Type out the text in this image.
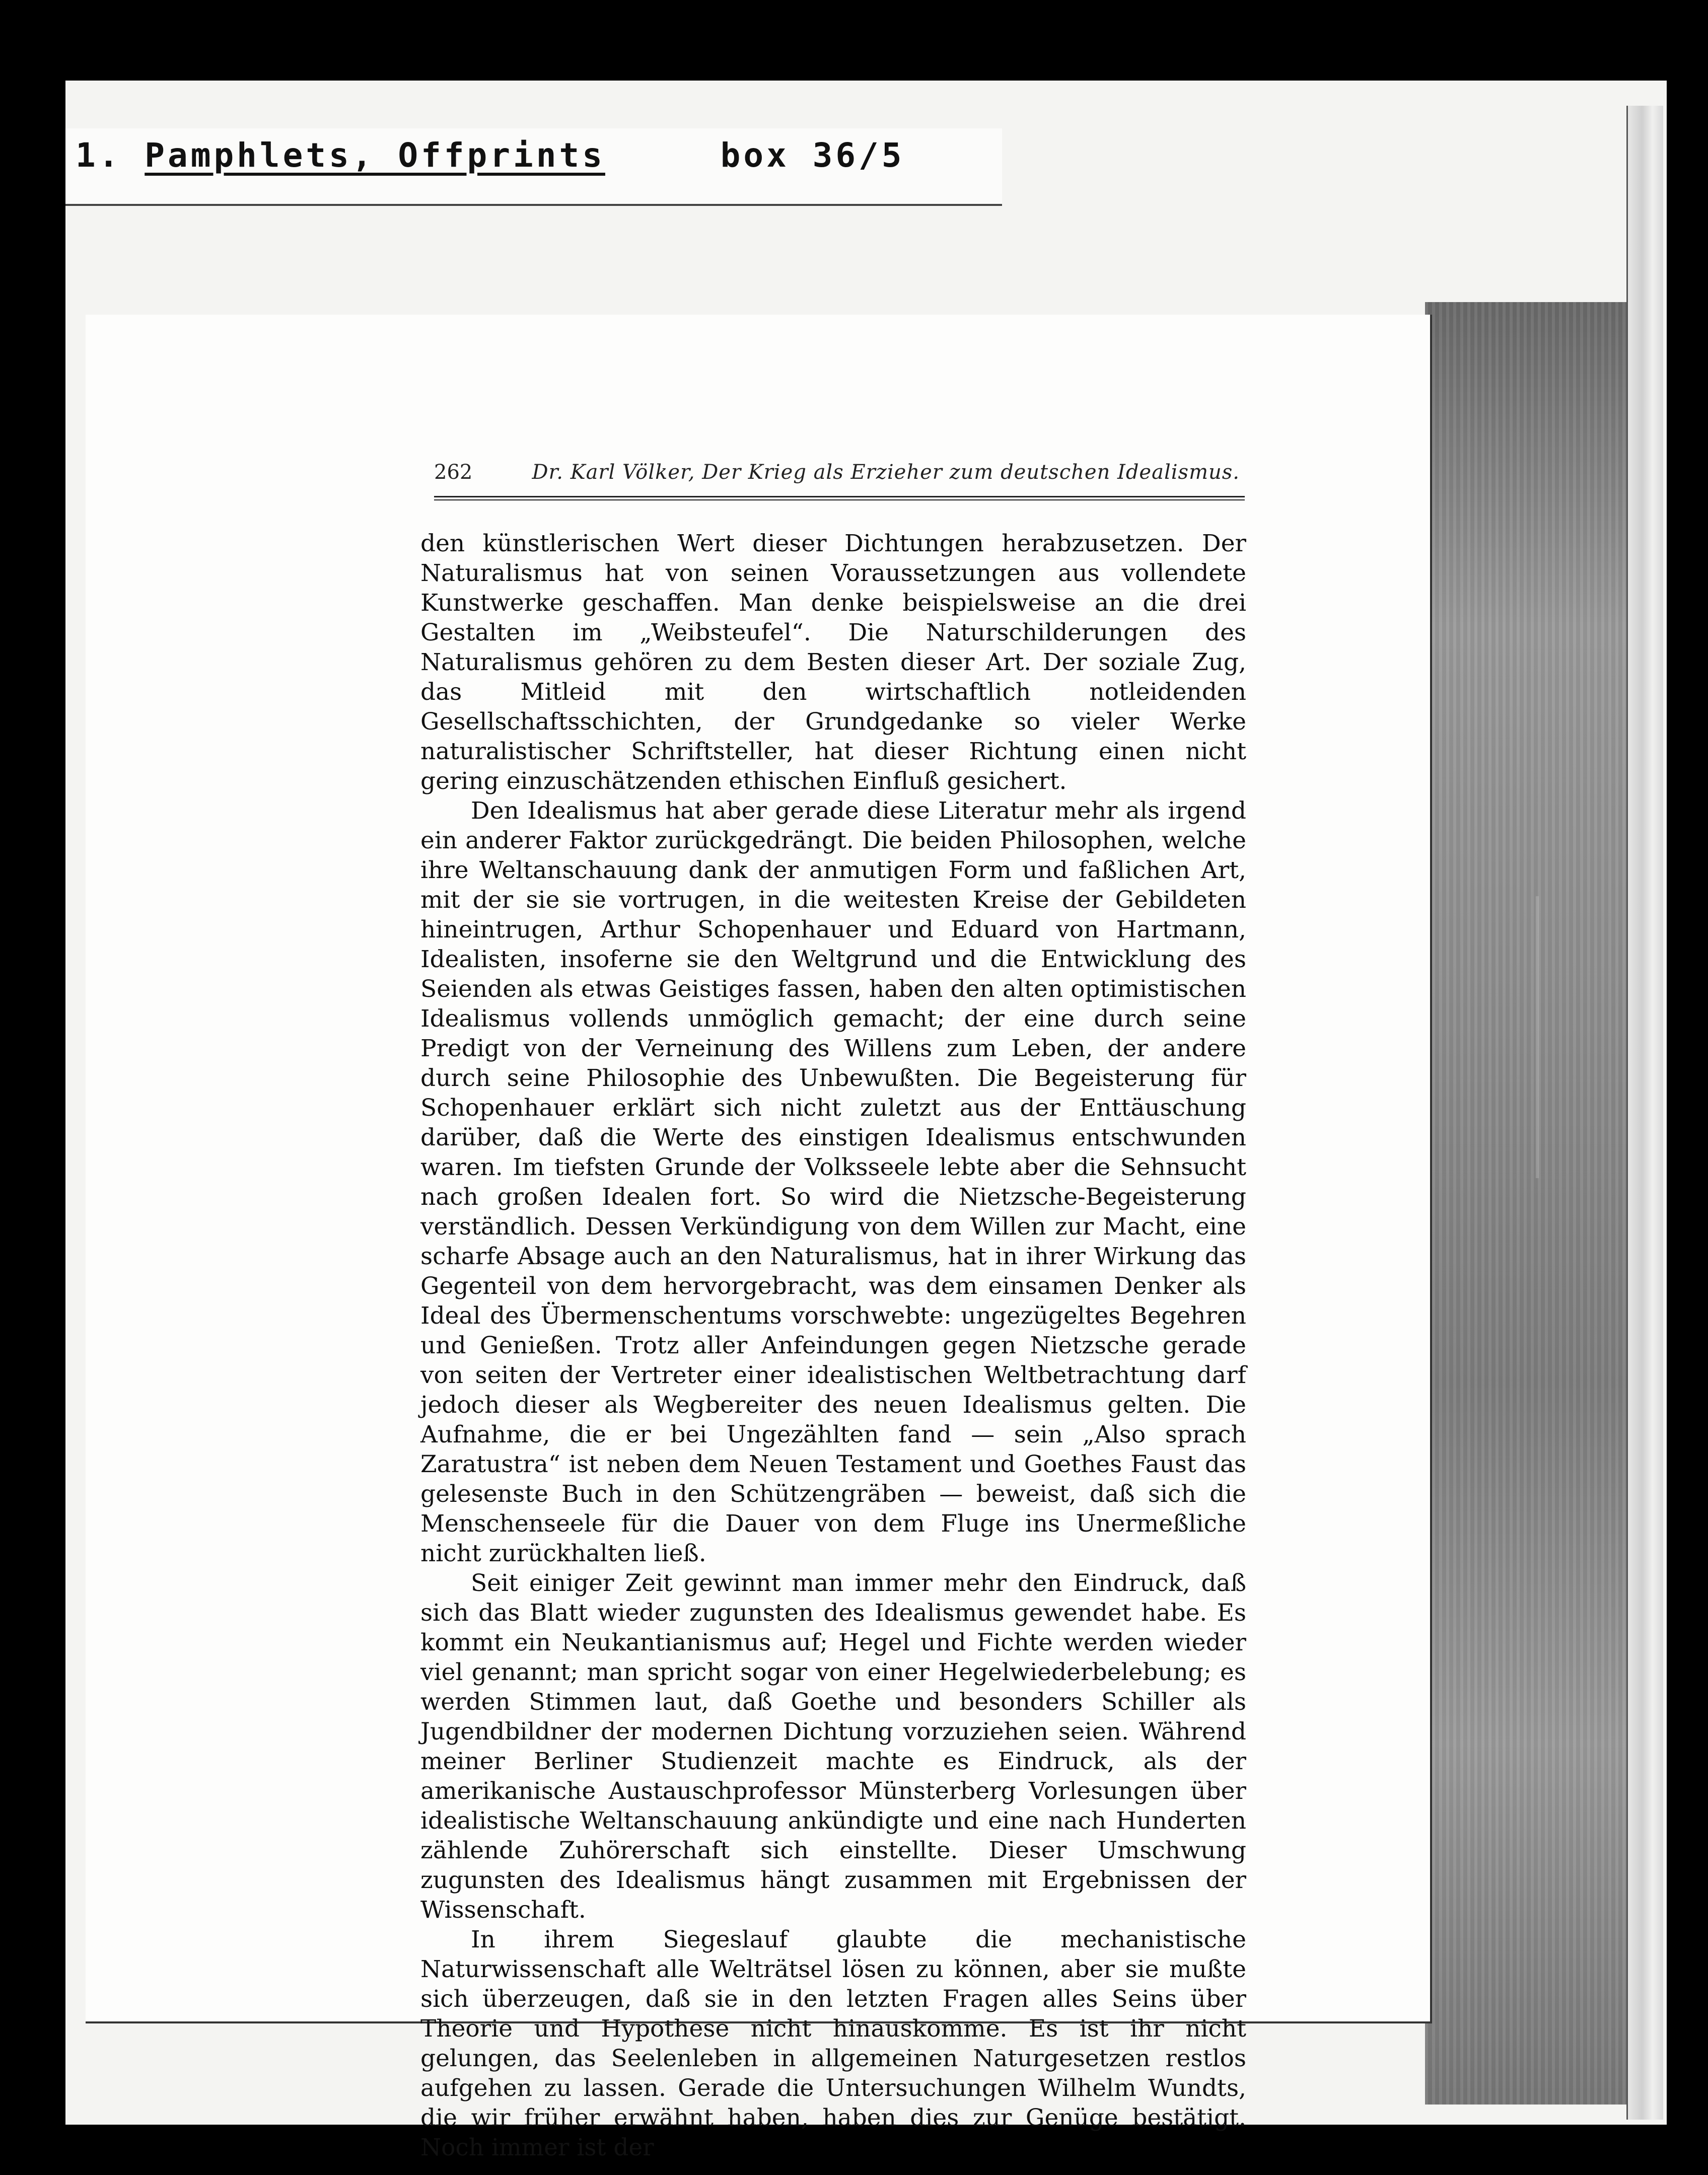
1. Pamphlets, Offprints	box 36/5
262	Dr. Karl Völker, Der Krieg als Erzieher zum deutschen Idealismus.

den künstlerischen Wert dieser Dichtungen herabzusetzen. Der Naturalismus hat von seinen Voraussetzungen aus vollendete Kunstwerke geschaffen. Man denke beispielsweise an die drei Gestalten im „Weibsteufel“. Die Naturschilderungen des Naturalismus gehören zu dem Besten dieser Art. Der soziale Zug, das Mitleid mit den wirtschaftlich notleidenden Gesellschaftsschichten, der Grundgedanke so vieler Werke naturalistischer Schriftsteller, hat dieser Richtung einen nicht gering einzuschätzenden ethischen Einfluß gesichert.

Den Idealismus hat aber gerade diese Literatur mehr als irgend ein anderer Faktor zurückgedrängt. Die beiden Philosophen, welche ihre Weltanschauung dank der anmutigen Form und faßlichen Art, mit der sie sie vortrugen, in die weitesten Kreise der Gebildeten hineintrugen, Arthur Schopenhauer und Eduard von Hartmann, Idealisten, insoferne sie den Weltgrund und die Entwicklung des Seienden als etwas Geistiges fassen, haben den alten optimistischen Idealismus vollends unmöglich gemacht; der eine durch seine Predigt von der Verneinung des Willens zum Leben, der andere durch seine Philosophie des Unbewußten. Die Begeisterung für Schopenhauer erklärt sich nicht zuletzt aus der Enttäuschung darüber, daß die Werte des einstigen Idealismus entschwunden waren. Im tiefsten Grunde der Volksseele lebte aber die Sehnsucht nach großen Idealen fort. So wird die Nietzsche-Begeisterung verständlich. Dessen Verkündigung von dem Willen zur Macht, eine scharfe Absage auch an den Naturalismus, hat in ihrer Wirkung das Gegenteil von dem hervorgebracht, was dem einsamen Denker als Ideal des Übermenschentums vorschwebte: ungezügeltes Begehren und Genießen. Trotz aller Anfeindungen gegen Nietzsche gerade von seiten der Vertreter einer idealistischen Weltbetrachtung darf jedoch dieser als Wegbereiter des neuen Idealismus gelten. Die Aufnahme, die er bei Ungezählten fand — sein „Also sprach Zaratustra“ ist neben dem Neuen Testament und Goethes Faust das gelesenste Buch in den Schützengräben — beweist, daß sich die Menschenseele für die Dauer von dem Fluge ins Unermeßliche nicht zurückhalten ließ.

Seit einiger Zeit gewinnt man immer mehr den Eindruck, daß sich das Blatt wieder zugunsten des Idealismus gewendet habe. Es kommt ein Neukantianismus auf; Hegel und Fichte werden wieder viel genannt; man spricht sogar von einer Hegelwiederbelebung; es werden Stimmen laut, daß Goethe und besonders Schiller als Jugendbildner der modernen Dichtung vorzuziehen seien. Während meiner Berliner Studienzeit machte es Eindruck, als der amerikanische Austauschprofessor Münsterberg Vorlesungen über idealistische Weltanschauung ankündigte und eine nach Hunderten zählende Zuhörerschaft sich einstellte. Dieser Umschwung zugunsten des Idealismus hängt zusammen mit Ergebnissen der Wissenschaft.

In ihrem Siegeslauf glaubte die mechanistische Naturwissenschaft alle Welträtsel lösen zu können, aber sie mußte sich überzeugen, daß sie in den letzten Fragen alles Seins über Theorie und Hypothese nicht hinauskomme. Es ist ihr nicht gelungen, das Seelenleben in allgemeinen Naturgesetzen restlos aufgehen zu lassen. Gerade die Untersuchungen Wilhelm Wundts, die wir früher erwähnt haben, haben dies zur Genüge bestätigt. Noch immer ist der
